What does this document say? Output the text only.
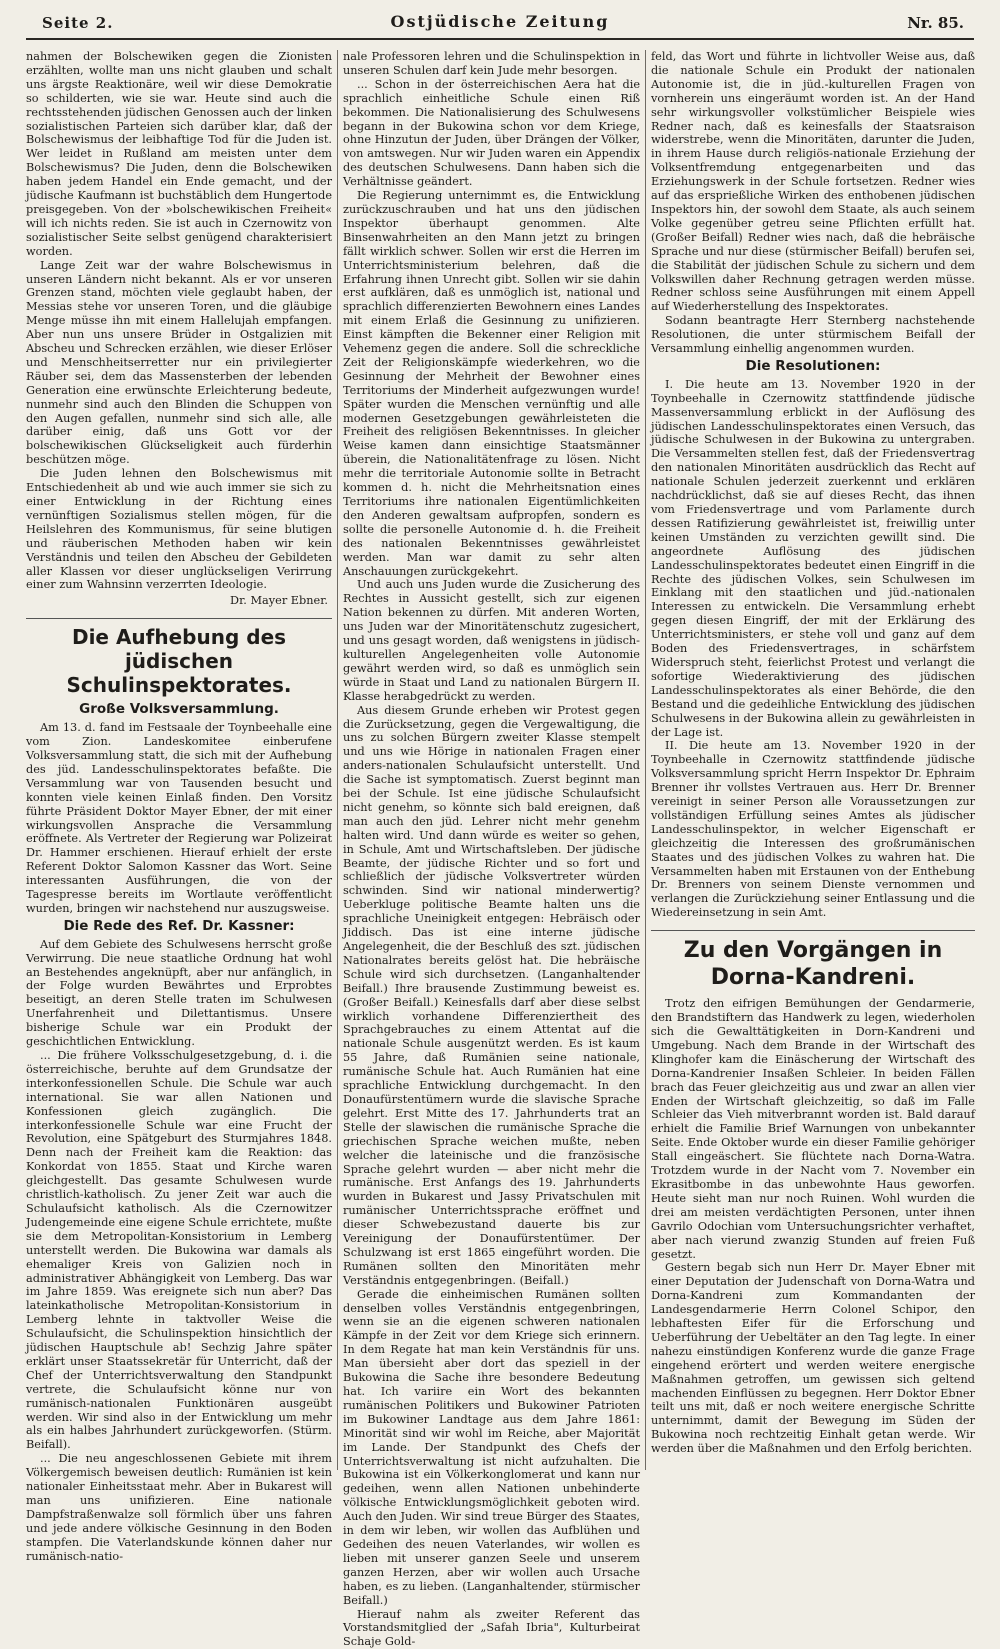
Seite 2.	Ostjüdische Zeitung	Nr. 85.

nahmen der Bolschewiken gegen die Zionisten erzählten, wollte man uns nicht glauben und schalt uns ärgste Reaktionäre, weil wir diese Demokratie so schilderten, wie sie war. Heute sind auch die rechtsstehenden jüdischen Genossen auch der linken sozialistischen Parteien sich darüber klar, daß der Bolschewismus der leibhaftige Tod für die Juden ist. Wer leidet in Rußland am meisten unter dem Bolschewismus? Die Juden, denn die Bolschewiken haben jedem Handel ein Ende gemacht, und der jüdische Kaufmann ist buchstäblich dem Hungertode preisgegeben. Von der »bolschewikischen Freiheit« will ich nichts reden. Sie ist auch in Czernowitz von sozialistischer Seite selbst genügend charakterisiert worden.

Lange Zeit war der wahre Bolschewismus in unseren Ländern nicht bekannt. Als er vor unseren Grenzen stand, möchten viele geglaubt haben, der Messias stehe vor unseren Toren, und die gläubige Menge müsse ihn mit einem Hallelujah empfangen. Aber nun uns unsere Brüder in Ostgalizien mit Abscheu und Schrecken erzählen, wie dieser Erlöser und Menschheitserretter nur ein privilegierter Räuber sei, dem das Massensterben der lebenden Generation eine erwünschte Erleichterung bedeute, nunmehr sind auch den Blinden die Schuppen von den Augen gefallen, nunmehr sind sich alle, alle darüber einig, daß uns Gott vor der bolschewikischen Glückseligkeit auch fürderhin beschützen möge.

Die Juden lehnen den Bolschewismus mit Entschiedenheit ab und wie auch immer sie sich zu einer Entwicklung in der Richtung eines vernünftigen Sozialismus stellen mögen, für die Heilslehren des Kommunismus, für seine blutigen und räuberischen Methoden haben wir kein Verständnis und teilen den Abscheu der Gebildeten aller Klassen vor dieser unglückseligen Verirrung einer zum Wahnsinn verzerrten Ideologie.

Dr. Mayer Ebner.
Die Aufhebung des jüdischen Schulinspektorates.
Große Volksversammlung.

Am 13. d. fand im Festsaale der Toynbeehalle eine vom Zion. Landeskomitee einberufene Volksversammlung statt, die sich mit der Aufhebung des jüd. Landesschulinspektorates befaßte. Die Versammlung war von Tausenden besucht und konnten viele keinen Einlaß finden. Den Vorsitz führte Präsident Doktor Mayer Ebner, der mit einer wirkungsvollen Ansprache die Versammlung eröffnete. Als Vertreter der Regierung war Polizeirat Dr. Hammer erschienen. Hierauf erhielt der erste Referent Doktor Salomon Kassner das Wort. Seine interessanten Ausführungen, die von der Tagespresse bereits im Wortlaute veröffentlicht wurden, bringen wir nachstehend nur auszugsweise.

Die Rede des Ref. Dr. Kassner:

Auf dem Gebiete des Schulwesens herrscht große Verwirrung. Die neue staatliche Ordnung hat wohl an Bestehendes angeknüpft, aber nur anfänglich, in der Folge wurden Bewährtes und Erprobtes beseitigt, an deren Stelle traten im Schulwesen Unerfahrenheit und Dilettantismus. Unsere bisherige Schule war ein Produkt der geschichtlichen Entwicklung.

... Die frühere Volksschulgesetzgebung, d. i. die österreichische, beruhte auf dem Grundsatze der interkonfessionellen Schule. Die Schule war auch international. Sie war allen Nationen und Konfessionen gleich zugänglich. Die interkonfessionelle Schule war eine Frucht der Revolution, eine Spätgeburt des Sturmjahres 1848. Denn nach der Freiheit kam die Reaktion: das Konkordat von 1855. Staat und Kirche waren gleichgestellt. Das gesamte Schulwesen wurde christlich-katholisch. Zu jener Zeit war auch die Schulaufsicht katholisch. Als die Czernowitzer Judengemeinde eine eigene Schule errichtete, mußte sie dem Metropolitan-Konsistorium in Lemberg unterstellt werden. Die Bukowina war damals als ehemaliger Kreis von Galizien noch in administrativer Abhängigkeit von Lemberg. Das war im Jahre 1859. Was ereignete sich nun aber? Das lateinkatholische Metropolitan-Konsistorium in Lemberg lehnte in taktvoller Weise die Schulaufsicht, die Schulinspektion hinsichtlich der jüdischen Hauptschule ab! Sechzig Jahre später erklärt unser Staatssekretär für Unterricht, daß der Chef der Unterrichtsverwaltung den Standpunkt vertrete, die Schulaufsicht könne nur von rumänisch-nationalen Funktionären ausgeübt werden. Wir sind also in der Entwicklung um mehr als ein halbes Jahrhundert zurückgeworfen. (Stürm. Beifall).

... Die neu angeschlossenen Gebiete mit ihrem Völkergemisch beweisen deutlich: Rumänien ist kein nationaler Einheitsstaat mehr. Aber in Bukarest will man uns unifizieren. Eine nationale Dampfstraßenwalze soll förmlich über uns fahren und jede andere völkische Gesinnung in den Boden stampfen. Die Vaterlandskunde können daher nur rumänisch-natio-

nale Professoren lehren und die Schulinspektion in unseren Schulen darf kein Jude mehr besorgen.

... Schon in der österreichischen Aera hat die sprachlich einheitliche Schule einen Riß bekommen. Die Nationalisierung des Schulwesens begann in der Bukowina schon vor dem Kriege, ohne Hinzutun der Juden, über Drängen der Völker, von amtswegen. Nur wir Juden waren ein Appendix des deutschen Schulwesens. Dann haben sich die Verhältnisse geändert.

Die Regierung unternimmt es, die Entwicklung zurückzuschrauben und hat uns den jüdischen Inspektor überhaupt genommen. Alte Binsenwahrheiten an den Mann jetzt zu bringen fällt wirklich schwer. Sollen wir erst die Herren im Unterrichtsministerium belehren, daß die Erfahrung ihnen Unrecht gibt. Sollen wir sie dahin erst aufklären, daß es unmöglich ist, national und sprachlich differenzierten Bewohnern eines Landes mit einem Erlaß die Gesinnung zu unifizieren. Einst kämpften die Bekenner einer Religion mit Vehemenz gegen die andere. Soll die schreckliche Zeit der Religionskämpfe wiederkehren, wo die Gesinnung der Mehrheit der Bewohner eines Territoriums der Minderheit aufgezwungen wurde! Später wurden die Menschen vernünftig und alle modernen Gesetzgebungen gewährleisteten die Freiheit des religiösen Bekenntnisses. In gleicher Weise kamen dann einsichtige Staatsmänner überein, die Nationalitätenfrage zu lösen. Nicht mehr die territoriale Autonomie sollte in Betracht kommen d. h. nicht die Mehrheitsnation eines Territoriums ihre nationalen Eigentümlichkeiten den Anderen gewaltsam aufpropfen, sondern es sollte die personelle Autonomie d. h. die Freiheit des nationalen Bekenntnisses gewährleistet werden. Man war damit zu sehr alten Anschauungen zurückgekehrt.

Und auch uns Juden wurde die Zusicherung des Rechtes in Aussicht gestellt, sich zur eigenen Nation bekennen zu dürfen. Mit anderen Worten, uns Juden war der Minoritätenschutz zugesichert, und uns gesagt worden, daß wenigstens in jüdisch-kulturellen Angelegenheiten volle Autonomie gewährt werden wird, so daß es unmöglich sein würde in Staat und Land zu nationalen Bürgern II. Klasse herabgedrückt zu werden.

Aus diesem Grunde erheben wir Protest gegen die Zurücksetzung, gegen die Vergewaltigung, die uns zu solchen Bürgern zweiter Klasse stempelt und uns wie Hörige in nationalen Fragen einer anders-nationalen Schulaufsicht unterstellt. Und die Sache ist symptomatisch. Zuerst beginnt man bei der Schule. Ist eine jüdische Schulaufsicht nicht genehm, so könnte sich bald ereignen, daß man auch den jüd. Lehrer nicht mehr genehm halten wird. Und dann würde es weiter so gehen, in Schule, Amt und Wirtschaftsleben. Der jüdische Beamte, der jüdische Richter und so fort und schließlich der jüdische Volksvertreter würden schwinden. Sind wir national minderwertig? Ueberkluge politische Beamte halten uns die sprachliche Uneinigkeit entgegen: Hebräisch oder Jiddisch. Das ist eine interne jüdische Angelegenheit, die der Beschluß des szt. jüdischen Nationalrates bereits gelöst hat. Die hebräische Schule wird sich durchsetzen. (Langanhaltender Beifall.) Ihre brausende Zustimmung beweist es. (Großer Beifall.) Keinesfalls darf aber diese selbst wirklich vorhandene Differenziertheit des Sprachgebrauches zu einem Attentat auf die nationale Schule ausgenützt werden. Es ist kaum 55 Jahre, daß Rumänien seine nationale, rumänische Schule hat. Auch Rumänien hat eine sprachliche Entwicklung durchgemacht. In den Donaufürstentümern wurde die slavische Sprache gelehrt. Erst Mitte des 17. Jahrhunderts trat an Stelle der slawischen die rumänische Sprache die griechischen Sprache weichen mußte, neben welcher die lateinische und die französische Sprache gelehrt wurden — aber nicht mehr die rumänische. Erst Anfangs des 19. Jahrhunderts wurden in Bukarest und Jassy Privatschulen mit rumänischer Unterrichtssprache eröffnet und dieser Schwebezustand dauerte bis zur Vereinigung der Donaufürstentümer. Der Schulzwang ist erst 1865 eingeführt worden. Die Rumänen sollten den Minoritäten mehr Verständnis entgegenbringen. (Beifall.)

Gerade die einheimischen Rumänen sollten denselben volles Verständnis entgegenbringen, wenn sie an die eigenen schweren nationalen Kämpfe in der Zeit vor dem Kriege sich erinnern. In dem Regate hat man kein Verständnis für uns. Man übersieht aber dort das speziell in der Bukowina die Sache ihre besondere Bedeutung hat. Ich variire ein Wort des bekannten rumänischen Politikers und Bukowiner Patrioten im Bukowiner Landtage aus dem Jahre 1861: Minorität sind wir wohl im Reiche, aber Majorität im Lande. Der Standpunkt des Chefs der Unterrichtsverwaltung ist nicht aufzuhalten. Die Bukowina ist ein Völkerkonglomerat und kann nur gedeihen, wenn allen Nationen unbehinderte völkische Entwicklungsmöglichkeit geboten wird. Auch den Juden. Wir sind treue Bürger des Staates, in dem wir leben, wir wollen das Aufblühen und Gedeihen des neuen Vaterlandes, wir wollen es lieben mit unserer ganzen Seele und unserem ganzen Herzen, aber wir wollen auch Ursache haben, es zu lieben. (Langanhaltender, stürmischer Beifall.)

Hierauf nahm als zweiter Referent das Vorstandsmitglied der „Safah Ibria", Kulturbeirat Schaje Gold-

feld, das Wort und führte in lichtvoller Weise aus, daß die nationale Schule ein Produkt der nationalen Autonomie ist, die in jüd.-kulturellen Fragen von vornherein uns eingeräumt worden ist. An der Hand sehr wirkungsvoller volkstümlicher Beispiele wies Redner nach, daß es keinesfalls der Staatsraison widerstrebe, wenn die Minoritäten, darunter die Juden, in ihrem Hause durch religiös-nationale Erziehung der Volksentfremdung entgegenarbeiten und das Erziehungswerk in der Schule fortsetzen. Redner wies auf das ersprießliche Wirken des enthobenen jüdischen Inspektors hin, der sowohl dem Staate, als auch seinem Volke gegenüber getreu seine Pflichten erfüllt hat. (Großer Beifall) Redner wies nach, daß die hebräische Sprache und nur diese (stürmischer Beifall) berufen sei, die Stabilität der jüdischen Schule zu sichern und dem Volkswillen daher Rechnung getragen werden müsse. Redner schloss seine Ausführungen mit einem Appell auf Wiederherstellung des Inspektorates.

Sodann beantragte Herr Sternberg nachstehende Resolutionen, die unter stürmischem Beifall der Versammlung einhellig angenommen wurden.

Die Resolutionen:

I. Die heute am 13. November 1920 in der Toynbeehalle in Czernowitz stattfindende jüdische Massenversammlung erblickt in der Auflösung des jüdischen Landesschulinspektorates einen Versuch, das jüdische Schulwesen in der Bukowina zu untergraben. Die Versammelten stellen fest, daß der Friedensvertrag den nationalen Minoritäten ausdrücklich das Recht auf nationale Schulen jederzeit zuerkennt und erklären nachdrücklichst, daß sie auf dieses Recht, das ihnen vom Friedensvertrage und vom Parlamente durch dessen Ratifizierung gewährleistet ist, freiwillig unter keinen Umständen zu verzichten gewillt sind. Die angeordnete Auflösung des jüdischen Landesschulinspektorates bedeutet einen Eingriff in die Rechte des jüdischen Volkes, sein Schulwesen im Einklang mit den staatlichen und jüd.-nationalen Interessen zu entwickeln. Die Versammlung erhebt gegen diesen Eingriff, der mit der Erklärung des Unterrichtsministers, er stehe voll und ganz auf dem Boden des Friedensvertrages, in schärfstem Widerspruch steht, feierlichst Protest und verlangt die sofortige Wiederaktivierung des jüdischen Landesschulinspektorates als einer Behörde, die den Bestand und die gedeihliche Entwicklung des jüdischen Schulwesens in der Bukowina allein zu gewährleisten in der Lage ist.

II. Die heute am 13. November 1920 in der Toynbeehalle in Czernowitz stattfindende jüdische Volksversammlung spricht Herrn Inspektor Dr. Ephraim Brenner ihr vollstes Vertrauen aus. Herr Dr. Brenner vereinigt in seiner Person alle Voraussetzungen zur vollständigen Erfüllung seines Amtes als jüdischer Landesschulinspektor, in welcher Eigenschaft er gleichzeitig die Interessen des großrumänischen Staates und des jüdischen Volkes zu wahren hat. Die Versammelten haben mit Erstaunen von der Enthebung Dr. Brenners von seinem Dienste vernommen und verlangen die Zurückziehung seiner Entlassung und die Wiedereinsetzung in sein Amt.

Zu den Vorgängen in Dorna-Kandreni.

Trotz den eifrigen Bemühungen der Gendarmerie, den Brandstiftern das Handwerk zu legen, wiederholen sich die Gewalttätigkeiten in Dorn-Kandreni und Umgebung. Nach dem Brande in der Wirtschaft des Klinghofer kam die Einäscherung der Wirtschaft des Dorna-Kandrenier Insaßen Schleier. In beiden Fällen brach das Feuer gleichzeitig aus und zwar an allen vier Enden der Wirtschaft gleichzeitig, so daß im Falle Schleier das Vieh mitverbrannt worden ist. Bald darauf erhielt die Familie Brief Warnungen von unbekannter Seite. Ende Oktober wurde ein dieser Familie gehöriger Stall eingeäschert. Sie flüchtete nach Dorna-Watra. Trotzdem wurde in der Nacht vom 7. November ein Ekrasitbombe in das unbewohnte Haus geworfen. Heute sieht man nur noch Ruinen. Wohl wurden die drei am meisten verdächtigten Personen, unter ihnen Gavrilo Odochian vom Untersuchungsrichter verhaftet, aber nach vierund zwanzig Stunden auf freien Fuß gesetzt.

Gestern begab sich nun Herr Dr. Mayer Ebner mit einer Deputation der Judenschaft von Dorna-Watra und Dorna-Kandreni zum Kommandanten der Landesgendarmerie Herrn Colonel Schipor, den lebhaftesten Eifer für die Erforschung und Ueberführung der Uebeltäter an den Tag legte. In einer nahezu einstündigen Konferenz wurde die ganze Frage eingehend erörtert und werden weitere energische Maßnahmen getroffen, um gewissen sich geltend machenden Einflüssen zu begegnen. Herr Doktor Ebner teilt uns mit, daß er noch weitere energische Schritte unternimmt, damit der Bewegung im Süden der Bukowina noch rechtzeitig Einhalt getan werde. Wir werden über die Maßnahmen und den Erfolg berichten.
